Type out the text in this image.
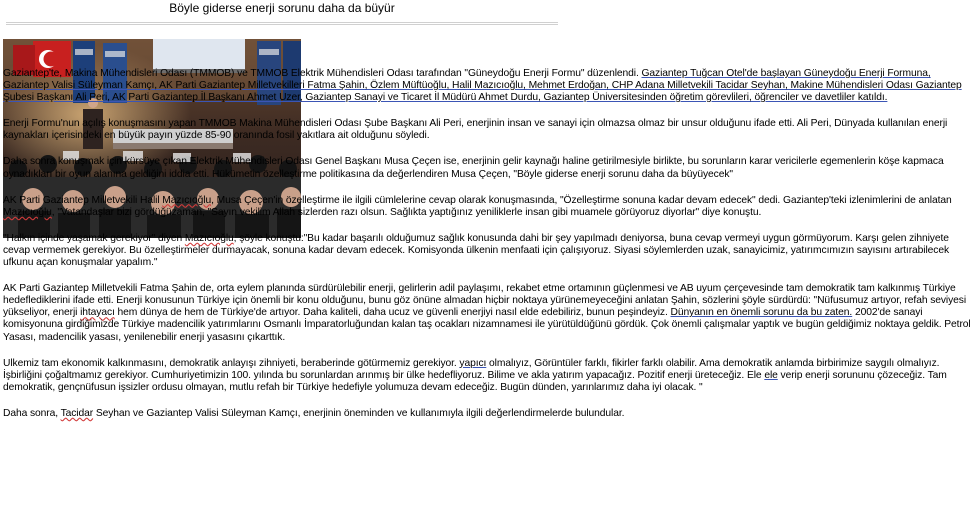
Böyle giderse enerji sorunu daha da büyür

Gaziantep'te, Makina Mühendisleri Odası (TMMOB) ve TMMOB Elektrik Mühendisleri Odası tarafından "Güneydoğu Enerji Formu" düzenlendi. Gaziantep Tuğcan Otel'de başlayan Güneydoğu Enerji Formuna, Gaziantep Valisi Süleyman Kamçı, AK Parti Gaziantep Milletvekilleri Fatma Şahin, Özlem Müftüoğlu, Halil Mazıcıoğlu, Mehmet Erdoğan, CHP Adana Milletvekili Tacidar Seyhan, Makine Mühendisleri Odası Gaziantep Şubesi Başkanı Ali Peri, AK Parti Gaziantep İl Başkanı Ahmet Uzer, Gaziantep Sanayi ve Ticaret İl Müdürü Ahmet Durdu, Gaziantep Üniversitesinden öğretim görevlileri, öğrenciler ve davetliler katıldı.

Enerji Formu'nun açılış konuşmasını yapan TMMOB Makina Mühendisleri Odası Şube Başkanı Ali Peri, enerjinin insan ve sanayi için olmazsa olmaz bir unsur olduğunu ifade etti. Ali Peri, Dünyada kullanılan enerji kaynakları içerisindeki en büyük payın yüzde 85-90 oranında fosil yakıtlara ait olduğunu söyledi.

Daha sonra konuşmak için kürsüye çıkan Elektrik Mühendisleri Odası Genel Başkanı Musa Çeçen ise, enerjinin gelir kaynağı haline getirilmesiyle birlikte, bu sorunların karar vericilerle egemenlerin köşe kapmaca oynadıkları bir oyun alanına geldiğini iddia etti. Hükümetin özelleştirme politikasına da değerlendiren Musa Çeçen, "Böyle giderse enerji sorunu daha da büyüyecek"

AK Parti Gaziantep Milletvekili Halil Mazıcıoğlu, Musa Çeçen'in özelleştirme ile ilgili cümlelerine cevap olarak konuşmasında, "Özelleştirme sonuna kadar devam edecek" dedi. Gaziantep'teki izlenimlerini de anlatan Mazıcıoğlu, "Vatandaşlar bizi gördüğüzaman, "Sayın vekilim Allah sizlerden razı olsun. Sağlıkta yaptığınız yeniliklerle insan gibi muamele görüyoruz diyorlar" diye konuştu.

"Halkın içinde yaşamak gerekiyor" diyen Mazıcıoğlu, şöyle konuştu:"Bu kadar başarılı olduğumuz sağlık konusunda dahi bir şey yapılmadı deniyorsa, buna cevap vermeyi uygun görmüyorum. Karşı gelen zihniyete cevap vermemek gerekiyor. Bu özelleştirmeler durmayacak, sonuna kadar devam edecek. Komisyonda ülkenin menfaati için çalışıyoruz. Siyasi söylemlerden uzak, sanayicimiz, yatırımcımızın sayısını artırabilecek ufkunu açan konuşmalar yapalım."

AK Parti Gaziantep Milletvekili Fatma Şahin de, orta eylem planında sürdürülebilir enerji, gelirlerin adil paylaşımı, rekabet etme ortamının güçlenmesi ve AB uyum çerçevesinde tam demokratik tam kalkınmış Türkiye hedeflediklerini ifade etti. Enerji konusunun Türkiye için önemli bir konu olduğunu, bunu göz önüne almadan hiçbir noktaya yürünemeyeceğini anlatan Şahin, sözlerini şöyle sürdürdü: "Nüfusumuz artıyor, refah seviyesi yükseliyor, enerji ihtayacı hem dünya de hem de Türkiye'de artıyor. Daha kaliteli, daha ucuz ve güvenli enerjiyi nasıl elde edebiliriz, bunun peşindeyiz. Dünyanın en önemli sorunu da bu zaten. 2002'de sanayi komisyonuna girdiğimizde Türkiye madencilik yatırımlarını Osmanlı İmparatorluğundan kalan taş ocakları nizamnamesi ile yürütüldüğünü gördük. Çok önemli çalışmalar yaptık ve bugün geldiğimiz noktaya geldik. Petrol Yasası, madencilik yasası, yenilenebilir enerji yasasını çıkarttık.

Ulkemiz tam ekonomik kalkınmasını, demokratik anlayışı zihniyeti, beraberinde götürmemiz gerekiyor. yapıcı olmalıyız, Görüntüler farklı, fikirler farklı olabilir. Ama demokratik anlamda birbirimize saygılı olmalıyız. İşbirliğini çoğaltmamız gerekiyor. Cumhuriyetimizin 100. yılında bu sorunlardan arınmış bir ülke hedefliyoruz. Bilime ve akla yatırım yapacağız. Pozitif enerji üreteceğiz. Ele ele verip enerji sorununu çözeceğiz. Tam demokratik, gençnüfusun işsizler ordusu olmayan, mutlu refah bir Türkiye hedefiyle yolumuza devam edeceğiz. Bugün dünden, yarınlarımız daha iyi olacak. "

Daha sonra, Tacidar Seyhan ve Gaziantep Valisi Süleyman Kamçı, enerjinin öneminden ve kullanımıyla ilgili değerlendirmelerde bulundular.
